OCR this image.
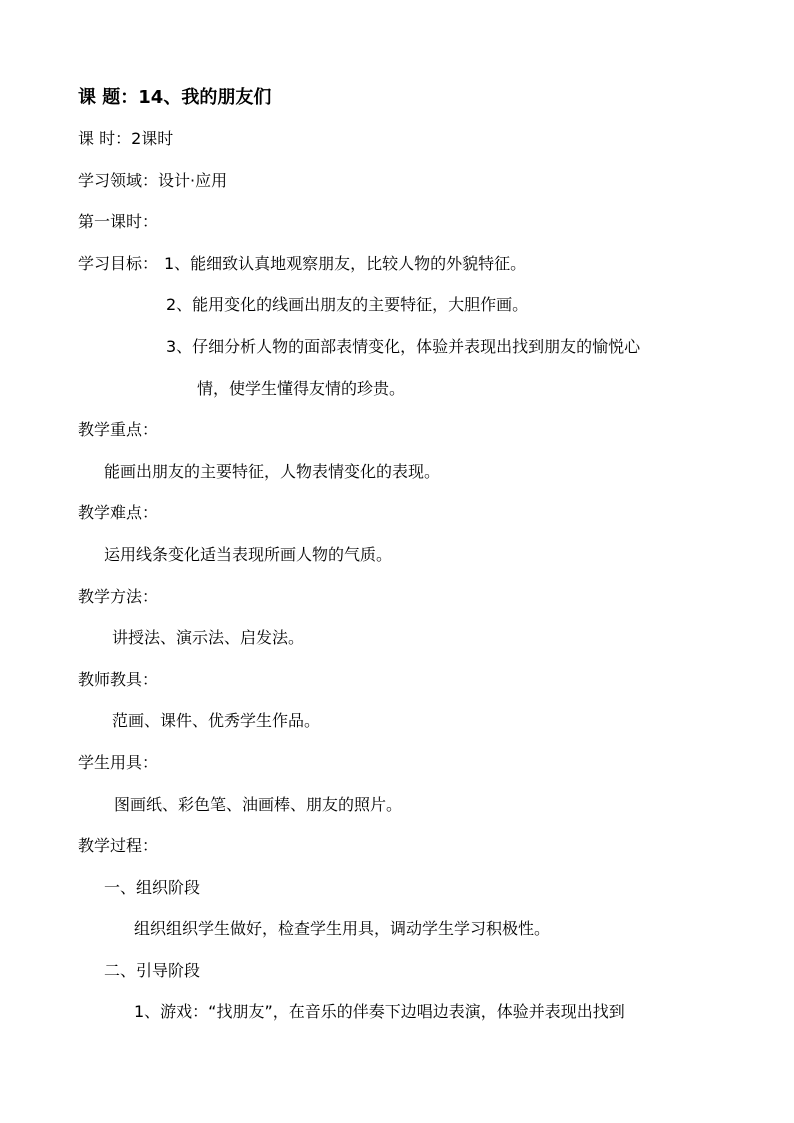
课 题：14、我的朋友们
课 时：2课时
学习领域：设计·应用
第一课时：
学习目标： 1、能细致认真地观察朋友，比较人物的外貌特征。
2、能用变化的线画出朋友的主要特征，大胆作画。
3、仔细分析人物的面部表情变化，体验并表现出找到朋友的愉悦心
情，使学生懂得友情的珍贵。
教学重点：
能画出朋友的主要特征，人物表情变化的表现。
教学难点：
运用线条变化适当表现所画人物的气质。
教学方法：
讲授法、演示法、启发法。
教师教具：
范画、课件、优秀学生作品。
学生用具：
图画纸、彩色笔、油画棒、朋友的照片。
教学过程：
一、组织阶段
组织组织学生做好，检查学生用具，调动学生学习积极性。
二、引导阶段
1、游戏：“找朋友”，在音乐的伴奏下边唱边表演，体验并表现出找到
